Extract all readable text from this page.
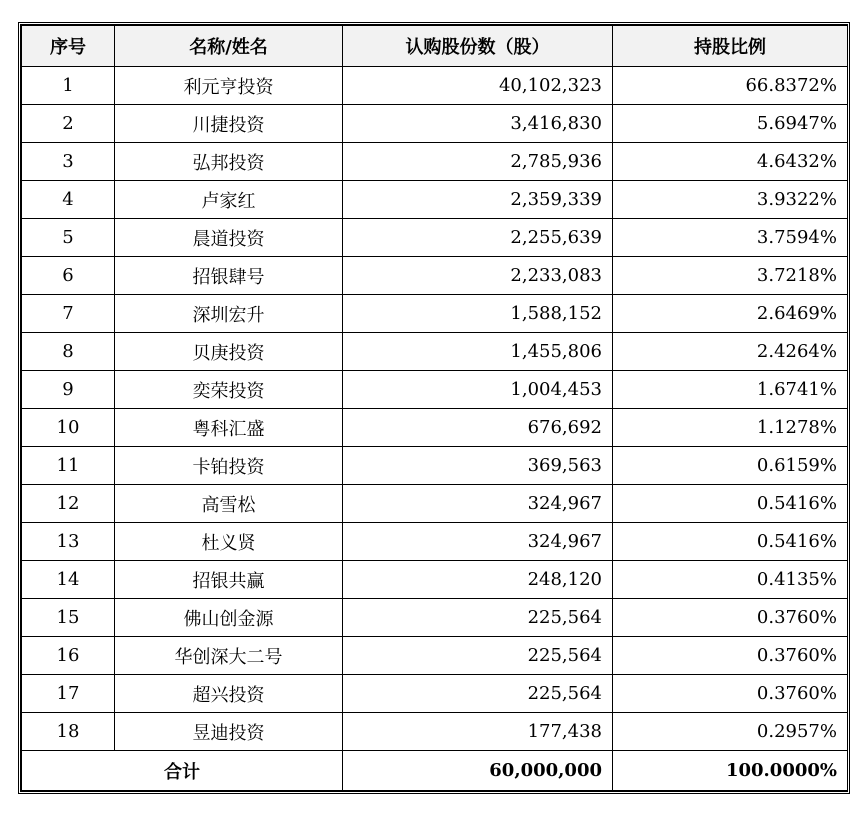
序号	名称/姓名	认购股份数（股）	持股比例
1	利元亨投资	40,102,323	66.8372%
2	川捷投资	3,416,830	5.6947%
3	弘邦投资	2,785,936	4.6432%
4	卢家红	2,359,339	3.9322%
5	晨道投资	2,255,639	3.7594%
6	招银肆号	2,233,083	3.7218%
7	深圳宏升	1,588,152	2.6469%
8	贝庚投资	1,455,806	2.4264%
9	奕荣投资	1,004,453	1.6741%
10	粤科汇盛	676,692	1.1278%
11	卡铂投资	369,563	0.6159%
12	高雪松	324,967	0.5416%
13	杜义贤	324,967	0.5416%
14	招银共赢	248,120	0.4135%
15	佛山创金源	225,564	0.3760%
16	华创深大二号	225,564	0.3760%
17	超兴投资	225,564	0.3760%
18	昱迪投资	177,438	0.2957%
合计		60,000,000	100.0000%
